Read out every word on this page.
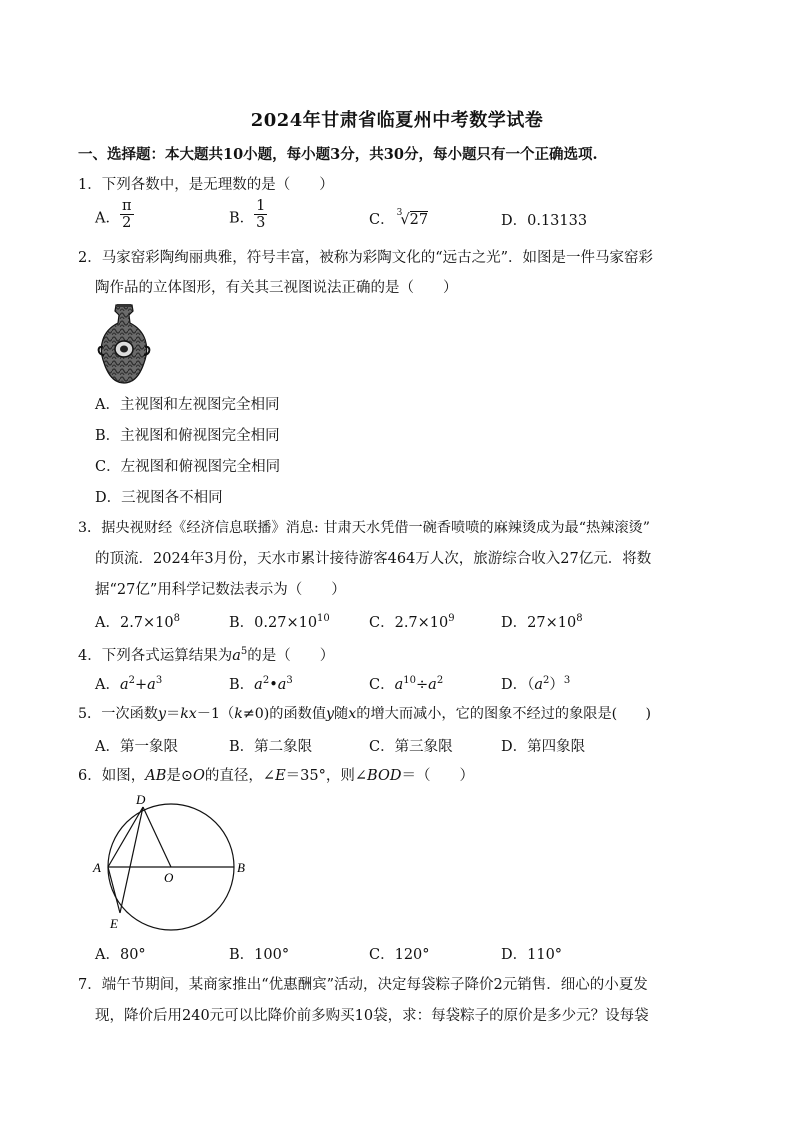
2024年甘肃省临夏州中考数学试卷
一、选择题：本大题共10小题，每小题3分，共30分，每小题只有一个正确选项.
1．下列各数中，是无理数的是（　　）
A． $\frac{\pi}{2}$	B． $\frac{1}{3}$	C． $^3$√27	D．0.13133
2．马家窑彩陶绚丽典雅，符号丰富，被称为彩陶文化的“远古之光”．如图是一件马家窑彩
陶作品的立体图形，有关其三视图说法正确的是（　　）
A．主视图和左视图完全相同
B．主视图和俯视图完全相同
C．左视图和俯视图完全相同
D．三视图各不相同
3．据央视财经《经济信息联播》消息: 甘肃天水凭借一碗香喷喷的麻辣烫成为最“热辣滚烫”
的顶流．2024年3月份，天水市累计接待游客464万人次，旅游综合收入27亿元．将数
据“27亿”用科学记数法表示为（　　）
A．$2.7\times 10^8$	B．$0.27\times 10^{10}$	C．$2.7\times 10^9$	D．$27\times 10^8$
4．下列各式运算结果为$a^5$的是（　　）
A．$a^2+a^3$	B．$a^2•a^3$	C．$a^{10}\div a^2$	D．$(a^2)^3$
5．一次函数y＝kx－1（k≠0)的函数值y随x的增大而减小，它的图象不经过的象限是(　　)
A．第一象限	B．第二象限	C．第三象限	D．第四象限
6．如图，AB是⊙O的直径，∠E＝35°，则∠BOD＝（　　）
D
A
O
B
E
A．80°	B．100°	C．120°	D．110°
7．端午节期间，某商家推出“优惠酬宾”活动，决定每袋粽子降价2元销售．细心的小夏发
现，降价后用240元可以比降价前多购买10袋，求：每袋粽子的原价是多少元？设每袋
